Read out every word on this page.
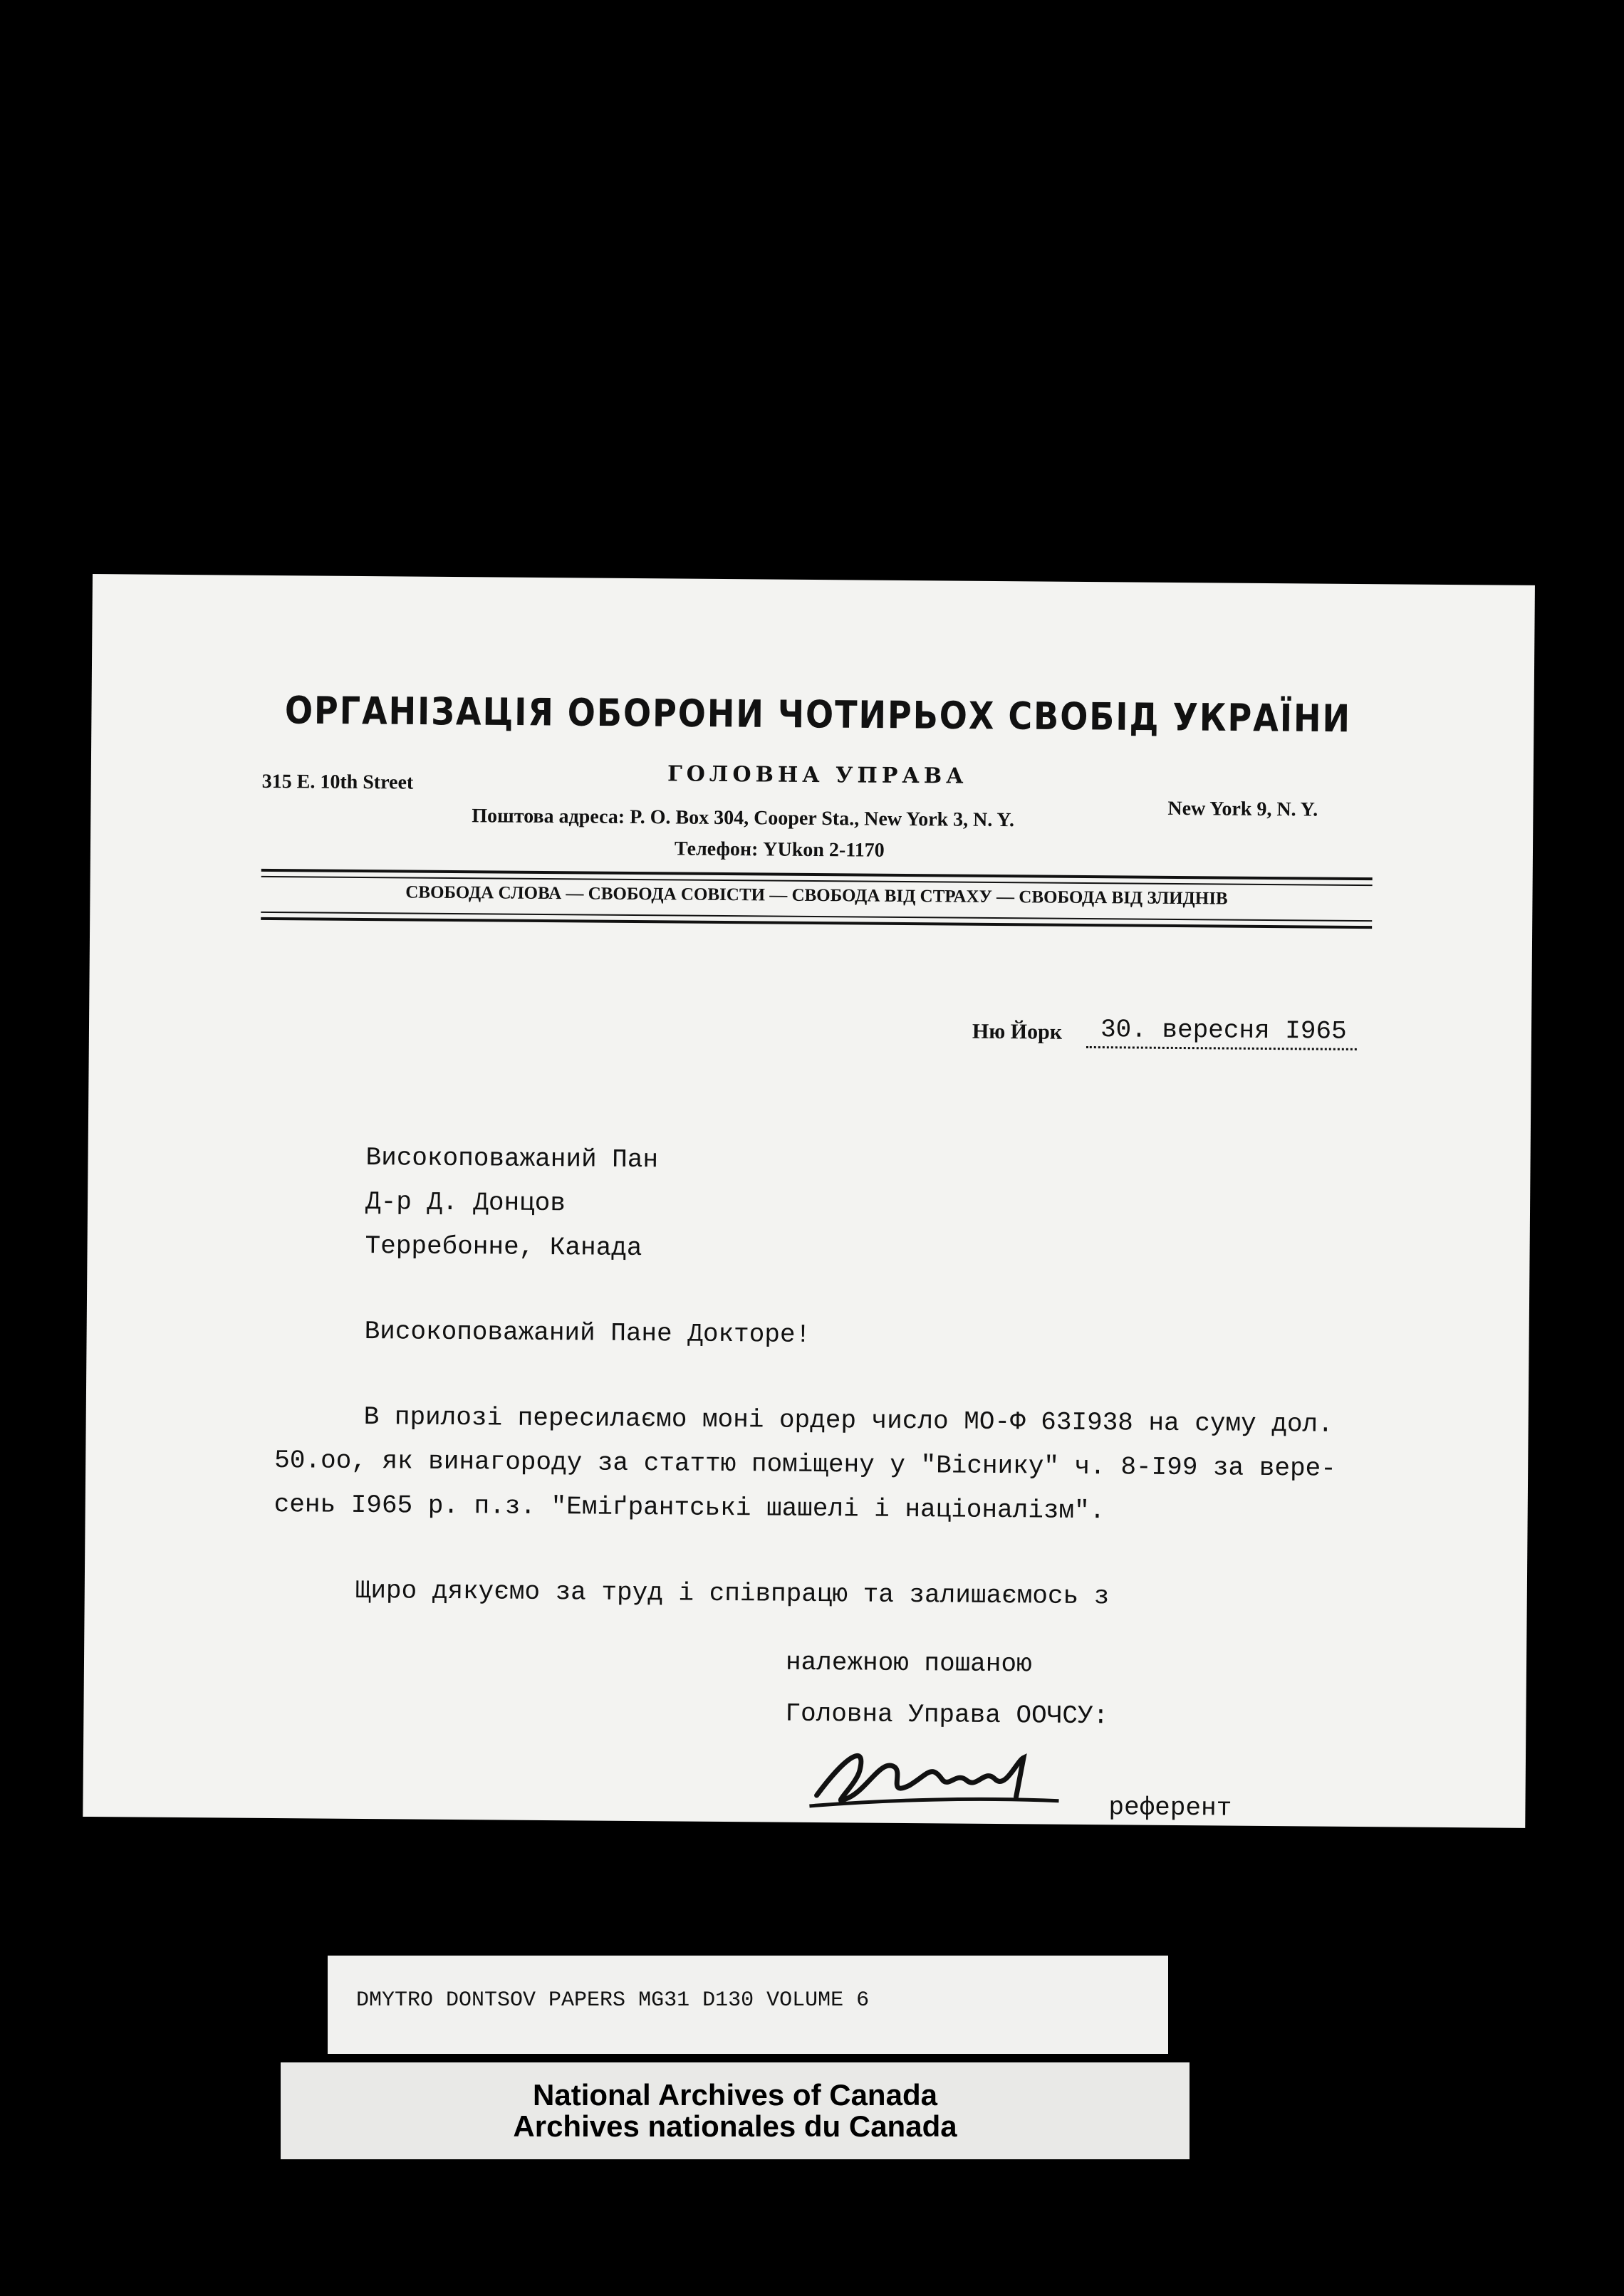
ОРГАНІЗАЦІЯ ОБОРОНИ ЧОТИРЬОХ СВОБІД УКРАЇНИ
ГОЛОВНА УПРАВА
315 E. 10th Street
New York 9, N. Y.
Поштова адреса: P. O. Box 304, Cooper Sta., New York 3, N. Y.
Телефон: YUkon 2-1170
СВОБОДА СЛОВА — СВОБОДА СОВІСТИ — СВОБОДА ВІД СТРАХУ — СВОБОДА ВІД ЗЛИДНІВ
Ню Йорк 30. вересня I965
Високоповажаний Пан
Д-р Д. Донцов
Терребонне, Канада
Високоповажаний Пане Докторе!
В прилозі пересилаємо моні ордер число МО-Ф 63I938 на суму дол.
50.оо, як винагороду за статтю поміщену у "Віснику" ч. 8-I99 за вере-
сень I965 р. п.з. "Еміґрантські шашелі і націоналізм".
Щиро дякуємо за труд і співпрацю та залишаємось з
належною пошаною
Головна Управа ООЧСУ:
референт
DMYTRO DONTSOV PAPERS MG31 D130 VOLUME 6
National Archives of Canada
Archives nationales du Canada
